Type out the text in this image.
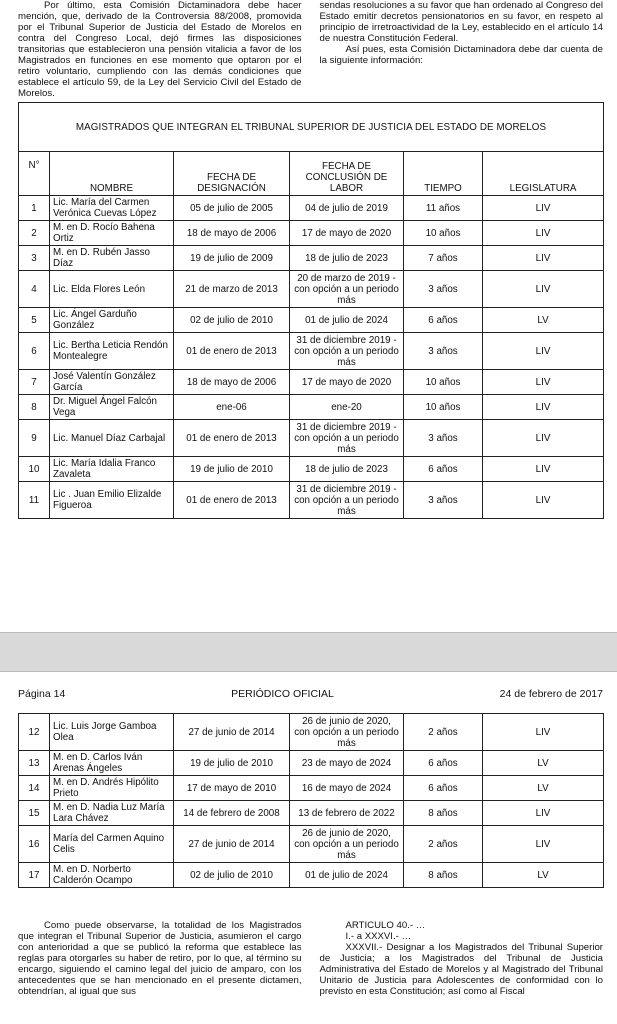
Por último, esta Comisión Dictaminadora debe hacer mención, que, derivado de la Controversia 88/2008, promovida por el Tribunal Superior de Justicia del Estado de Morelos en contra del Congreso Local, dejó firmes las disposiciones transitorias que establecieron una pensión vitalicia a favor de los Magistrados en funciones en ese momento que optaron por el retiro voluntario, cumpliendo con las demás condiciones que establece el artículo 59, de la Ley del Servicio Civil del Estado de Morelos.

sendas resoluciones a su favor que han ordenado al Congreso del Estado emitir decretos pensionatorios en su favor, en respeto al principio de irretroactividad de la Ley, establecido en el artículo 14 de nuestra Constitución Federal.

Así pues, esta Comisión Dictaminadora debe dar cuenta de la siguiente información:

MAGISTRADOS QUE INTEGRAN EL TRIBUNAL SUPERIOR DE JUSTICIA DEL ESTADO DE MORELOS					
N°	NOMBRE	FECHA DE DESIGNACIÓN	FECHA DE CONCLUSIÓN DE LABOR	TIEMPO	LEGISLATURA
1	Lic. María del Carmen Verónica Cuevas López	05 de julio de 2005	04 de julio de 2019	11 años	LIV
2	M. en D. Rocío Bahena Ortiz	18 de mayo de 2006	17 de mayo de 2020	10 años	LIV
3	M. en D. Rubén Jasso Díaz	19 de julio de 2009	18 de julio de 2023	7 años	LIV
4	Lic. Elda Flores León	21 de marzo de 2013	20 de marzo de 2019 - con opción a un periodo más	3 años	LIV
5	Lic. Ángel Garduño González	02 de julio de 2010	01 de julio de 2024	6 años	LV
6	Lic. Bertha Leticia Rendón Montealegre	01 de enero de 2013	31 de diciembre 2019 - con opción a un periodo más	3 años	LIV
7	José Valentín González García	18 de mayo de 2006	17 de mayo de 2020	10 años	LIV
8	Dr. Miguel Ángel Falcón Vega	ene-06	ene-20	10 años	LIV
9	Lic. Manuel Díaz Carbajal	01 de enero de 2013	31 de diciembre 2019 - con opción a un periodo más	3 años	LIV
10	Lic. María Idalia Franco Zavaleta	19 de julio de 2010	18 de julio de 2023	6 años	LIV
11	Lic . Juan Emilio Elizalde Figueroa	01 de enero de 2013	31 de diciembre 2019 - con opción a un periodo más	3 años	LIV
Página 14	PERIÓDICO OFICIAL	24 de febrero de 2017
12	Lic. Luis Jorge Gamboa Olea	27 de junio de 2014	26 de junio de 2020, con opción a un periodo más	2 años	LIV
13	M. en D. Carlos Iván Arenas Ángeles	19 de julio de 2010	23 de mayo de 2024	6 años	LV
14	M. en D. Andrés Hipólito Prieto	17 de mayo de 2010	16 de mayo de 2024	6 años	LV
15	M. en D. Nadia Luz María Lara Chávez	14 de febrero de 2008	13 de febrero de 2022	8 años	LIV
16	María del Carmen Aquino Celis	27 de junio de 2014	26 de junio de 2020, con opción a un periodo más	2 años	LIV
17	M. en D. Norberto Calderón Ocampo	02 de julio de 2010	01 de julio de 2024	8 años	LV

Como puede observarse, la totalidad de los Magistrados que integran el Tribunal Superior de Justicia, asumieron el cargo con anterioridad a que se publicó la reforma que establece las reglas para otorgarles su haber de retiro, por lo que, al término su encargo, siguiendo el camino legal del juicio de amparo, con los antecedentes que se han mencionado en el presente dictamen, obtendrían, al igual que sus

ARTICULO 40.- …

I.- a XXXVI.- …

XXXVII.- Designar a los Magistrados del Tribunal Superior de Justicia; a los Magistrados del Tribunal de Justicia Administrativa del Estado de Morelos y al Magistrado del Tribunal Unitario de Justicia para Adolescentes de conformidad con lo previsto en esta Constitución; así como al Fiscal
